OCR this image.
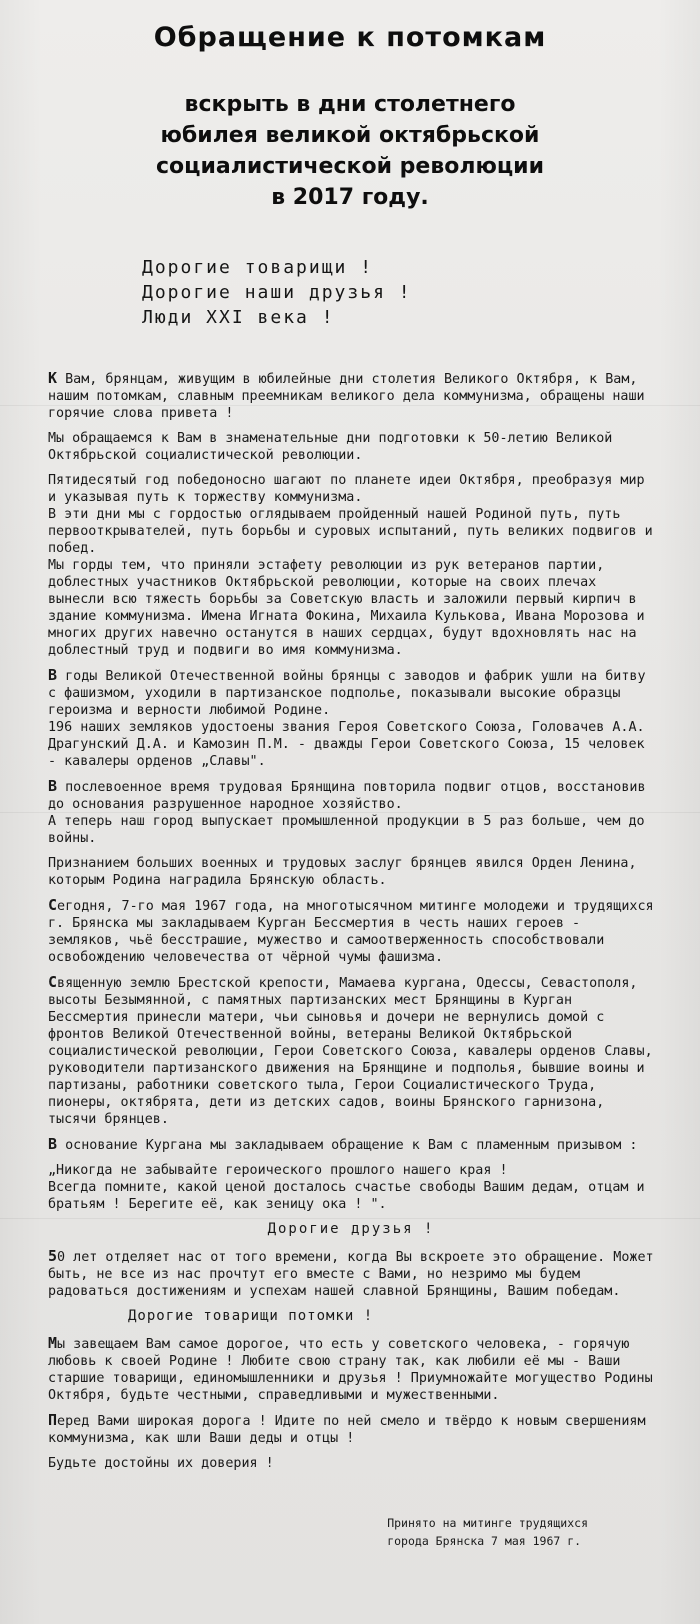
Обращение к потомкам
вскрыть в дни столетнего
юбилея великой октябрьской
социалистической революции
в 2017 году.
Дорогие товарищи !
Дорогие наши друзья !
Люди XXI века !

К Вам, брянцам, живущим в юбилейные дни столетия Великого Октября, к Вам, нашим потомкам, славным преемникам великого дела коммунизма, обращены наши горячие слова привета !

Мы обращаемся к Вам в знаменательные дни подготовки к 50-летию Великой Октябрьской социалистической революции.

Пятидесятый год победоносно шагают по планете идеи Октября, преобразуя мир и указывая путь к торжеству коммунизма.

В эти дни мы с гордостью оглядываем пройденный нашей Родиной путь, путь первооткрывателей, путь борьбы и суровых испытаний, путь великих подвигов и побед.

Мы горды тем, что приняли эстафету революции из рук ветеранов партии, доблестных участников Октябрьской революции, которые на своих плечах вынесли всю тяжесть борьбы за Советскую власть и заложили первый кирпич в здание коммунизма. Имена Игната Фокина, Михаила Кулькова, Ивана Морозова и многих других навечно останутся в наших сердцах, будут вдохновлять нас на доблестный труд и подвиги во имя коммунизма.

В годы Великой Отечественной войны брянцы с заводов и фабрик ушли на битву с фашизмом, уходили в партизанское подполье, показывали высокие образцы героизма и верности любимой Родине.

196 наших земляков удостоены звания Героя Советского Союза, Головачев А.А. Драгунский Д.А. и Камозин П.М. - дважды Герои Советского Союза, 15 человек - кавалеры орденов „Славы".

В послевоенное время трудовая Брянщина повторила подвиг отцов, восстановив до основания разрушенное народное хозяйство.

А теперь наш город выпускает промышленной продукции в 5 раз больше, чем до войны.

Признанием больших военных и трудовых заслуг брянцев явился Орден Ленина, которым Родина наградила Брянскую область.

Сегодня, 7-го мая 1967 года, на многотысячном митинге молодежи и трудящихся г. Брянска мы закладываем Курган Бессмертия в честь наших героев - земляков, чьё бесстрашие, мужество и самоотверженность способствовали освобождению человечества от чёрной чумы фашизма.

Священную землю Брестской крепости, Мамаева кургана, Одессы, Севастополя, высоты Безымянной, с памятных партизанских мест Брянщины в Курган Бессмертия принесли матери, чьи сыновья и дочери не вернулись домой с фронтов Великой Отечественной войны, ветераны Великой Октябрьской социалистической революции, Герои Советского Союза, кавалеры орденов Славы, руководители партизанского движения на Брянщине и подполья, бывшие воины и партизаны, работники советского тыла, Герои Социалистического Труда, пионеры, октябрята, дети из детских садов, воины Брянского гарнизона, тысячи брянцев.

В основание Кургана мы закладываем обращение к Вам с пламенным призывом :

„Никогда не забывайте героического прошлого нашего края !

Всегда помните, какой ценой досталось счастье свободы Вашим дедам, отцам и братьям ! Берегите её, как зеницу ока ! ".

Дорогие друзья !

50 лет отделяет нас от того времени, когда Вы вскроете это обращение. Может быть, не все из нас прочтут его вместе с Вами, но незримо мы будем радоваться достижениям и успехам нашей славной Брянщины, Вашим победам.

Дорогие товарищи потомки !

Мы завещаем Вам самое дорогое, что есть у советского человека, - горячую любовь к своей Родине ! Любите свою страну так, как любили её мы - Ваши старшие товарищи, единомышленники и друзья ! Приумножайте могущество Родины Октября, будьте честными, справедливыми и мужественными.

Перед Вами широкая дорога ! Идите по ней смело и твёрдо к новым свершениям коммунизма, как шли Ваши деды и отцы !

Будьте достойны их доверия !

Принято на митинге трудящихся
города Брянска 7 мая 1967 г.
